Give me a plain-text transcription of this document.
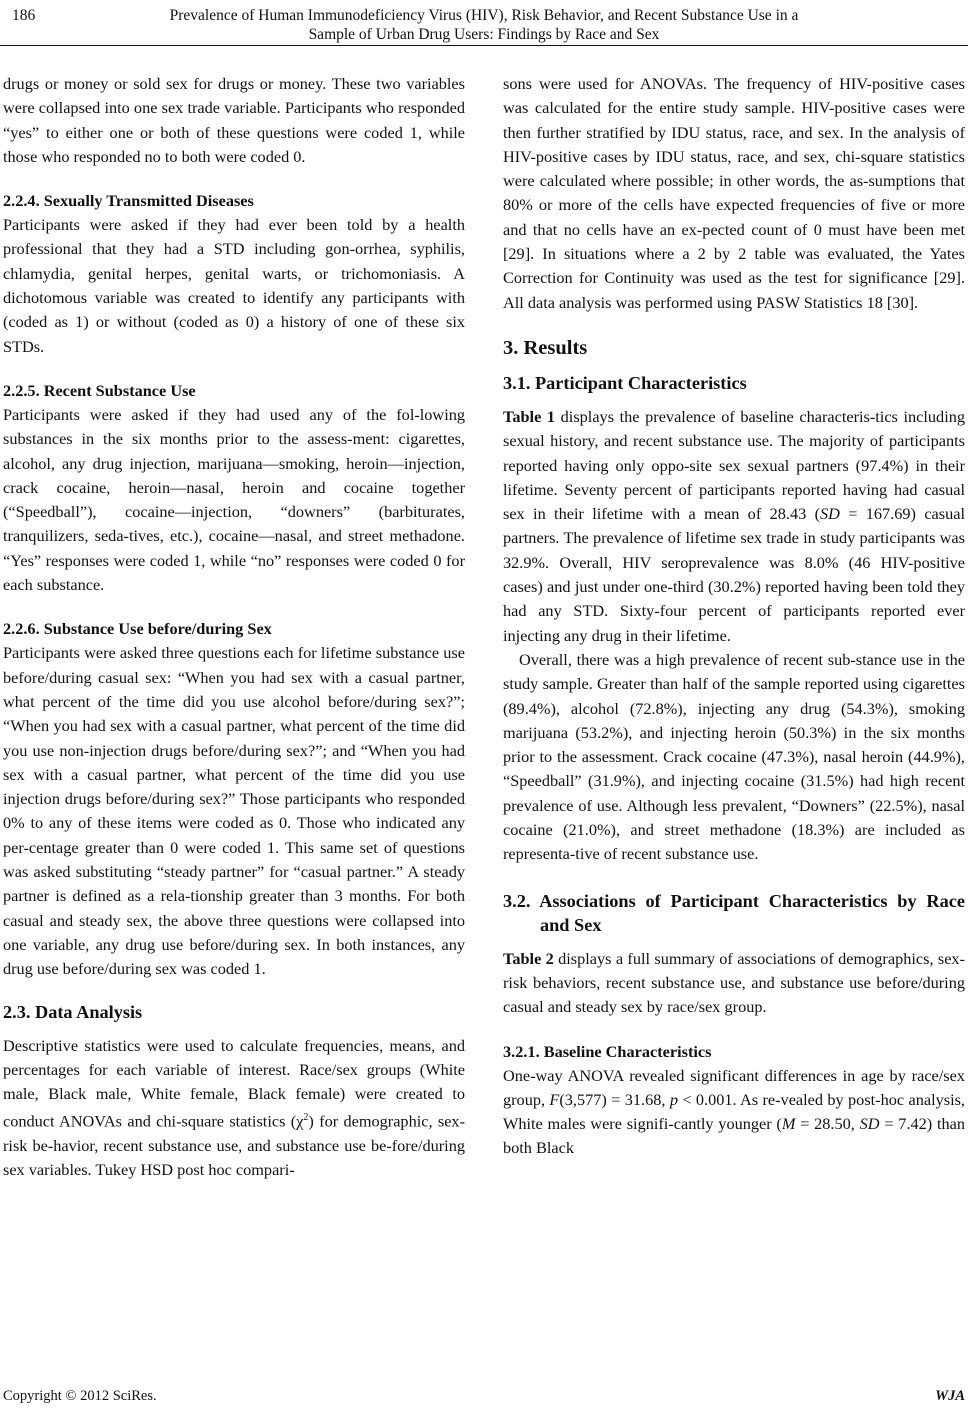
186	Prevalence of Human Immunodeficiency Virus (HIV), Risk Behavior, and Recent Substance Use in a
Sample of Urban Drug Users: Findings by Race and Sex

drugs or money or sold sex for drugs or money. These two variables were collapsed into one sex trade variable. Participants who responded “yes” to either one or both of these questions were coded 1, while those who responded no to both were coded 0.

2.2.4. Sexually Transmitted Diseases

Participants were asked if they had ever been told by a health professional that they had a STD including gon-orrhea, syphilis, chlamydia, genital herpes, genital warts, or trichomoniasis. A dichotomous variable was created to identify any participants with (coded as 1) or without (coded as 0) a history of one of these six STDs.

2.2.5. Recent Substance Use

Participants were asked if they had used any of the fol-lowing substances in the six months prior to the assess-ment: cigarettes, alcohol, any drug injection, marijuana—smoking, heroin—injection, crack cocaine, heroin—nasal, heroin and cocaine together (“Speedball”), cocaine—injection, “downers” (barbiturates, tranquilizers, seda-tives, etc.), cocaine—nasal, and street methadone. “Yes” responses were coded 1, while “no” responses were coded 0 for each substance.

2.2.6. Substance Use before/during Sex

Participants were asked three questions each for lifetime substance use before/during casual sex: “When you had sex with a casual partner, what percent of the time did you use alcohol before/during sex?”; “When you had sex with a casual partner, what percent of the time did you use non-injection drugs before/during sex?”; and “When you had sex with a casual partner, what percent of the time did you use injection drugs before/during sex?” Those participants who responded 0% to any of these items were coded as 0. Those who indicated any per-centage greater than 0 were coded 1. This same set of questions was asked substituting “steady partner” for “casual partner.” A steady partner is defined as a rela-tionship greater than 3 months. For both casual and steady sex, the above three questions were collapsed into one variable, any drug use before/during sex. In both instances, any drug use before/during sex was coded 1.

2.3. Data Analysis

Descriptive statistics were used to calculate frequencies, means, and percentages for each variable of interest. Race/sex groups (White male, Black male, White female, Black female) were created to conduct ANOVAs and chi-square statistics $(\chi^2)$ for demographic, sex-risk be-havior, recent substance use, and substance use be-fore/during sex variables. Tukey HSD post hoc compari-

sons were used for ANOVAs. The frequency of HIV-positive cases was calculated for the entire study sample. HIV-positive cases were then further stratified by IDU status, race, and sex. In the analysis of HIV-positive cases by IDU status, race, and sex, chi-square statistics were calculated where possible; in other words, the as-sumptions that 80% or more of the cells have expected frequencies of five or more and that no cells have an ex-pected count of 0 must have been met [29]. In situations where a 2 by 2 table was evaluated, the Yates Correction for Continuity was used as the test for significance [29]. All data analysis was performed using PASW Statistics 18 [30].

3. Results
3.1. Participant Characteristics

Table 1 displays the prevalence of baseline characteris-tics including sexual history, and recent substance use. The majority of participants reported having only oppo-site sex sexual partners (97.4%) in their lifetime. Seventy percent of participants reported having had casual sex in their lifetime with a mean of 28.43 (SD = 167.69) casual partners. The prevalence of lifetime sex trade in study participants was 32.9%. Overall, HIV seroprevalence was 8.0% (46 HIV-positive cases) and just under one-third (30.2%) reported having been told they had any STD. Sixty-four percent of participants reported ever injecting any drug in their lifetime.

Overall, there was a high prevalence of recent sub-stance use in the study sample. Greater than half of the sample reported using cigarettes (89.4%), alcohol (72.8%), injecting any drug (54.3%), smoking marijuana (53.2%), and injecting heroin (50.3%) in the six months prior to the assessment. Crack cocaine (47.3%), nasal heroin (44.9%), “Speedball” (31.9%), and injecting cocaine (31.5%) had high recent prevalence of use. Although less prevalent, “Downers” (22.5%), nasal cocaine (21.0%), and street methadone (18.3%) are included as representa-tive of recent substance use.

3.2. Associations of Participant Characteristics by Race and Sex

Table 2 displays a full summary of associations of demographics, sex-risk behaviors, recent substance use, and substance use before/during casual and steady sex by race/sex group.

3.2.1. Baseline Characteristics

One-way ANOVA revealed significant differences in age by race/sex group, F(3,577) = 31.68, p < 0.001. As re-vealed by post-hoc analysis, White males were signifi-cantly younger (M = 28.50, SD = 7.42) than both Black

Copyright © 2012 SciRes.	WJA
